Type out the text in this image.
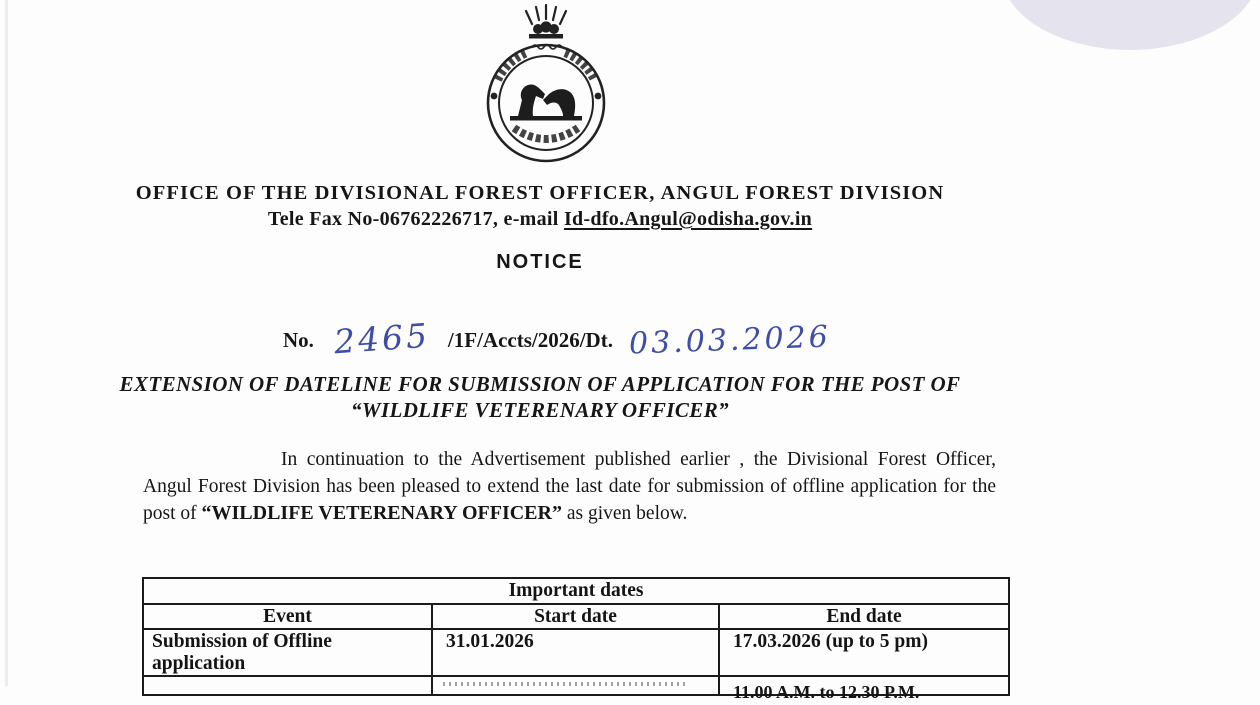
OFFICE OF THE DIVISIONAL FOREST OFFICER, ANGUL FOREST DIVISION
Tele Fax No-06762226717, e-mail Id-dfo.Angul@odisha.gov.in
NOTICE
No. 2465 /1F/Accts/2026/Dt. 03.03.2026
EXTENSION OF DATELINE FOR SUBMISSION OF APPLICATION FOR THE POST OF
“WILDLIFE VETERENARY OFFICER”

In continuation to the Advertisement published earlier , the Divisional Forest Officer, Angul Forest Division has been pleased to extend the last date for submission of offline application for the post of “WILDLIFE VETERENARY OFFICER” as given below.

Important dates		
Event	Start date	End date
Submission of Offline application	31.01.2026	17.03.2026 (up to 5 pm)

		11.00 A.M. to 12.30 P.M.
